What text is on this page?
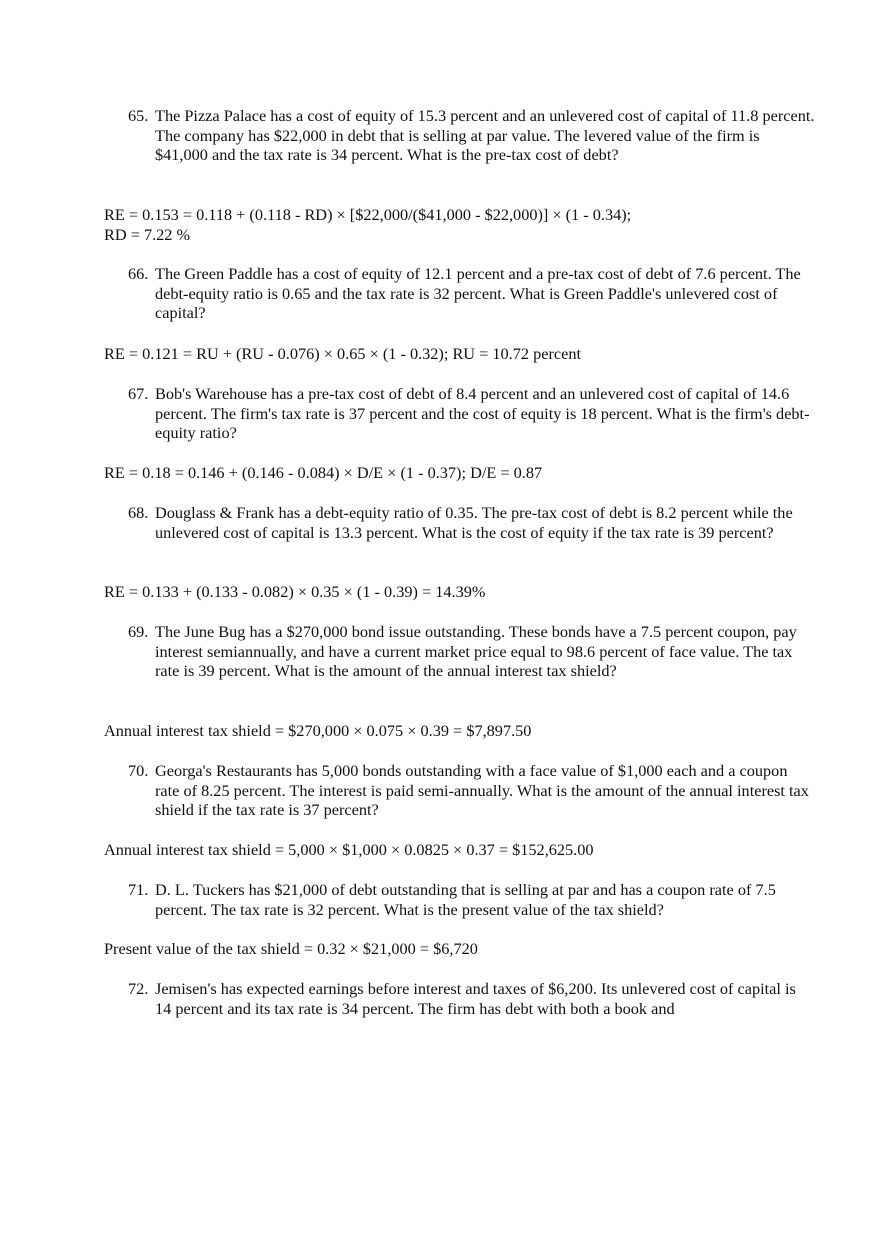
65. The Pizza Palace has a cost of equity of 15.3 percent and an unlevered cost of capital of 11.8 percent. The company has $22,000 in debt that is selling at par value. The levered value of the firm is $41,000 and the tax rate is 34 percent. What is the pre-tax cost of debt?

RE = 0.153 = 0.118 + (0.118 - RD) × [$22,000/($41,000 - $22,000)] × (1 - 0.34);
RD = 7.22 %

66. The Green Paddle has a cost of equity of 12.1 percent and a pre-tax cost of debt of 7.6 percent. The debt-equity ratio is 0.65 and the tax rate is 32 percent. What is Green Paddle's unlevered cost of capital?

RE = 0.121 = RU + (RU - 0.076) × 0.65 × (1 - 0.32); RU = 10.72 percent

67. Bob's Warehouse has a pre-tax cost of debt of 8.4 percent and an unlevered cost of capital of 14.6 percent. The firm's tax rate is 37 percent and the cost of equity is 18 percent. What is the firm's debt-equity ratio?

RE = 0.18 = 0.146 + (0.146 - 0.084) × D/E × (1 - 0.37); D/E = 0.87

68. Douglass & Frank has a debt-equity ratio of 0.35. The pre-tax cost of debt is 8.2 percent while the unlevered cost of capital is 13.3 percent. What is the cost of equity if the tax rate is 39 percent?

RE = 0.133 + (0.133 - 0.082) × 0.35 × (1 - 0.39) = 14.39%

69. The June Bug has a $270,000 bond issue outstanding. These bonds have a 7.5 percent coupon, pay interest semiannually, and have a current market price equal to 98.6 percent of face value. The tax rate is 39 percent. What is the amount of the annual interest tax shield?

Annual interest tax shield = $270,000 × 0.075 × 0.39 = $7,897.50

70. Georga's Restaurants has 5,000 bonds outstanding with a face value of $1,000 each and a coupon rate of 8.25 percent. The interest is paid semi-annually. What is the amount of the annual interest tax shield if the tax rate is 37 percent?

Annual interest tax shield = 5,000 × $1,000 × 0.0825 × 0.37 = $152,625.00

71. D. L. Tuckers has $21,000 of debt outstanding that is selling at par and has a coupon rate of 7.5 percent. The tax rate is 32 percent. What is the present value of the tax shield?

Present value of the tax shield = 0.32 × $21,000 = $6,720

72. Jemisen's has expected earnings before interest and taxes of $6,200. Its unlevered cost of capital is 14 percent and its tax rate is 34 percent. The firm has debt with both a book and
